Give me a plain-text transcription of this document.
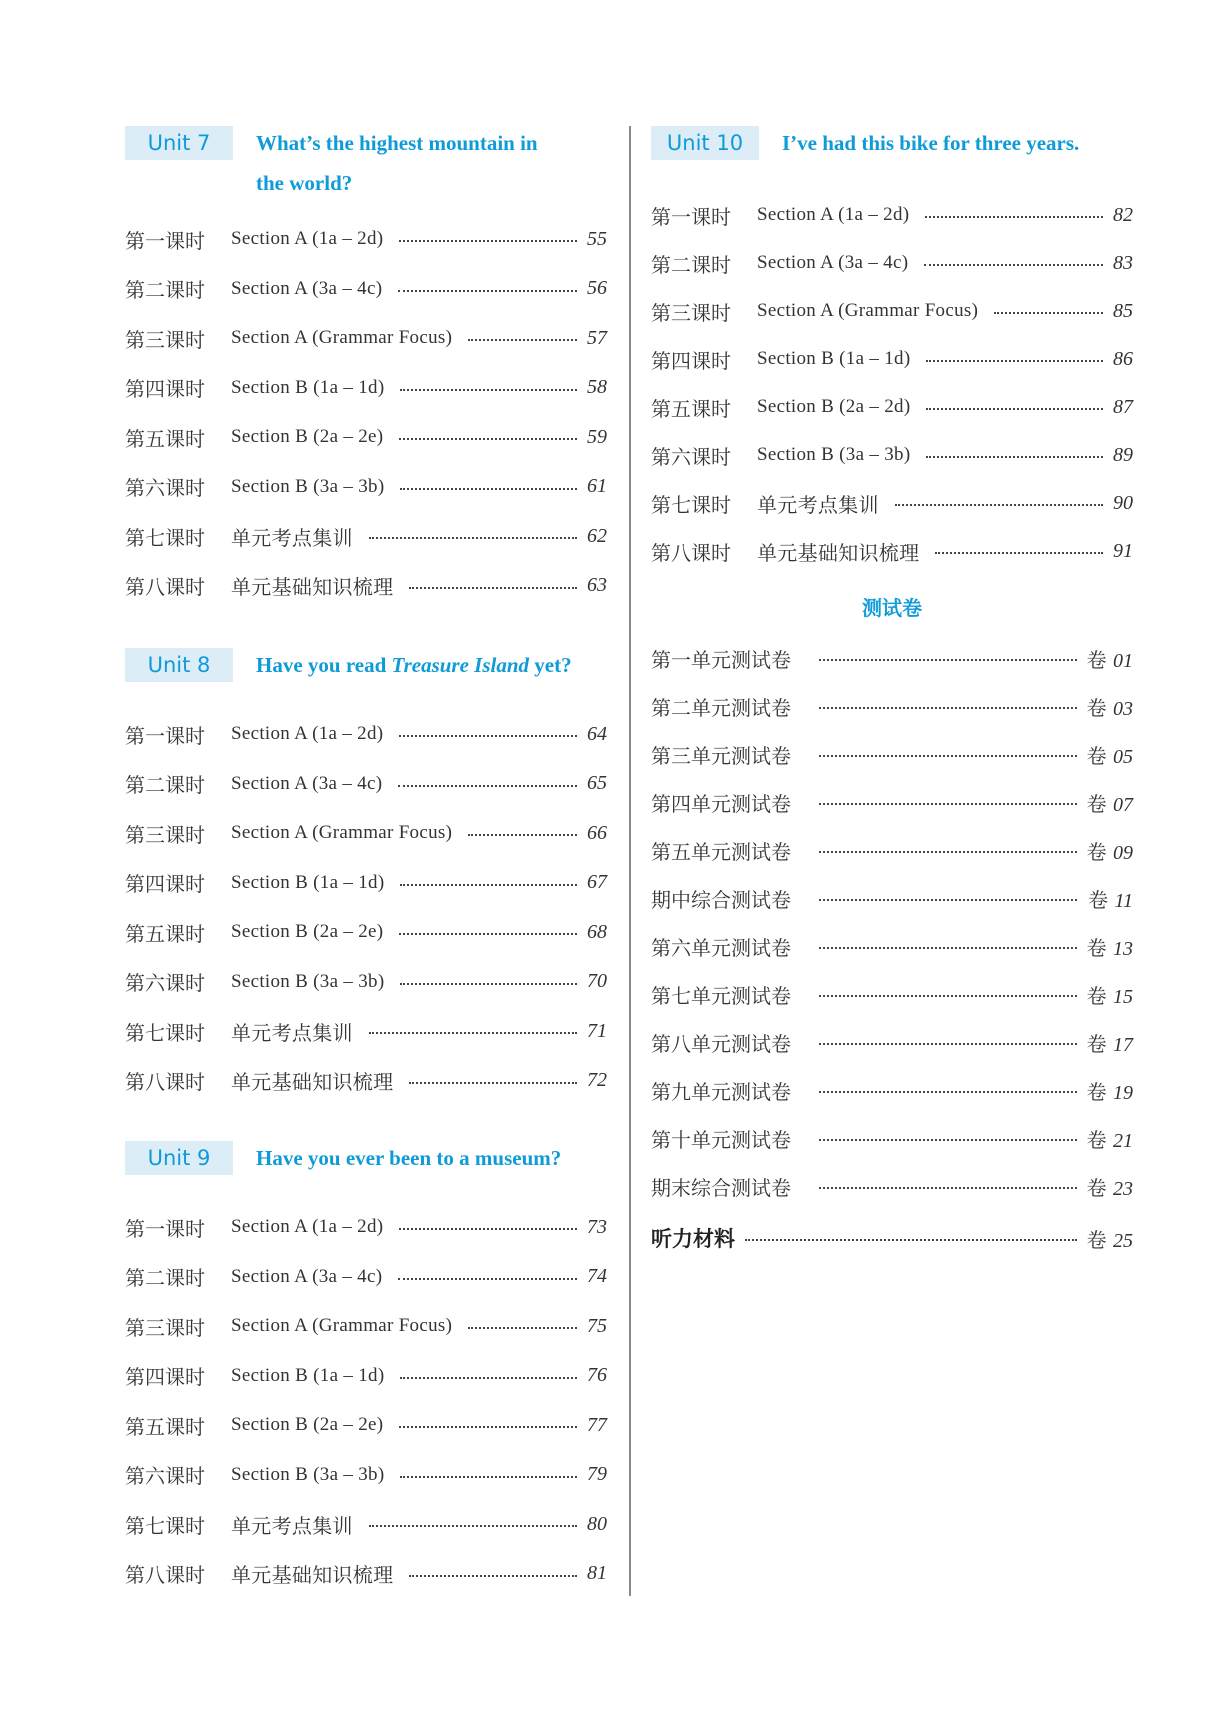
Unit 7	What’s the highest mountain in
the world?
第一课时	Section A (1a – 2d)	55
第二课时	Section A (3a – 4c)	56
第三课时	Section A (Grammar Focus)	57
第四课时	Section B (1a – 1d)	58
第五课时	Section B (2a – 2e)	59
第六课时	Section B (3a – 3b)	61
第七课时	单元考点集训	62
第八课时	单元基础知识梳理	63
Unit 8	Have you read Treasure Island yet?
第一课时	Section A (1a – 2d)	64
第二课时	Section A (3a – 4c)	65
第三课时	Section A (Grammar Focus)	66
第四课时	Section B (1a – 1d)	67
第五课时	Section B (2a – 2e)	68
第六课时	Section B (3a – 3b)	70
第七课时	单元考点集训	71
第八课时	单元基础知识梳理	72
Unit 9	Have you ever been to a museum?
第一课时	Section A (1a – 2d)	73
第二课时	Section A (3a – 4c)	74
第三课时	Section A (Grammar Focus)	75
第四课时	Section B (1a – 1d)	76
第五课时	Section B (2a – 2e)	77
第六课时	Section B (3a – 3b)	79
第七课时	单元考点集训	80
第八课时	单元基础知识梳理	81
Unit 10	I’ve had this bike for three years.
第一课时	Section A (1a – 2d)	82
第二课时	Section A (3a – 4c)	83
第三课时	Section A (Grammar Focus)	85
第四课时	Section B (1a – 1d)	86
第五课时	Section B (2a – 2d)	87
第六课时	Section B (3a – 3b)	89
第七课时	单元考点集训	90
第八课时	单元基础知识梳理	91
测试卷
第一单元测试卷	卷 01
第二单元测试卷	卷 03
第三单元测试卷	卷 05
第四单元测试卷	卷 07
第五单元测试卷	卷 09
期中综合测试卷	卷 11
第六单元测试卷	卷 13
第七单元测试卷	卷 15
第八单元测试卷	卷 17
第九单元测试卷	卷 19
第十单元测试卷	卷 21
期末综合测试卷	卷 23
听力材料	卷 25
